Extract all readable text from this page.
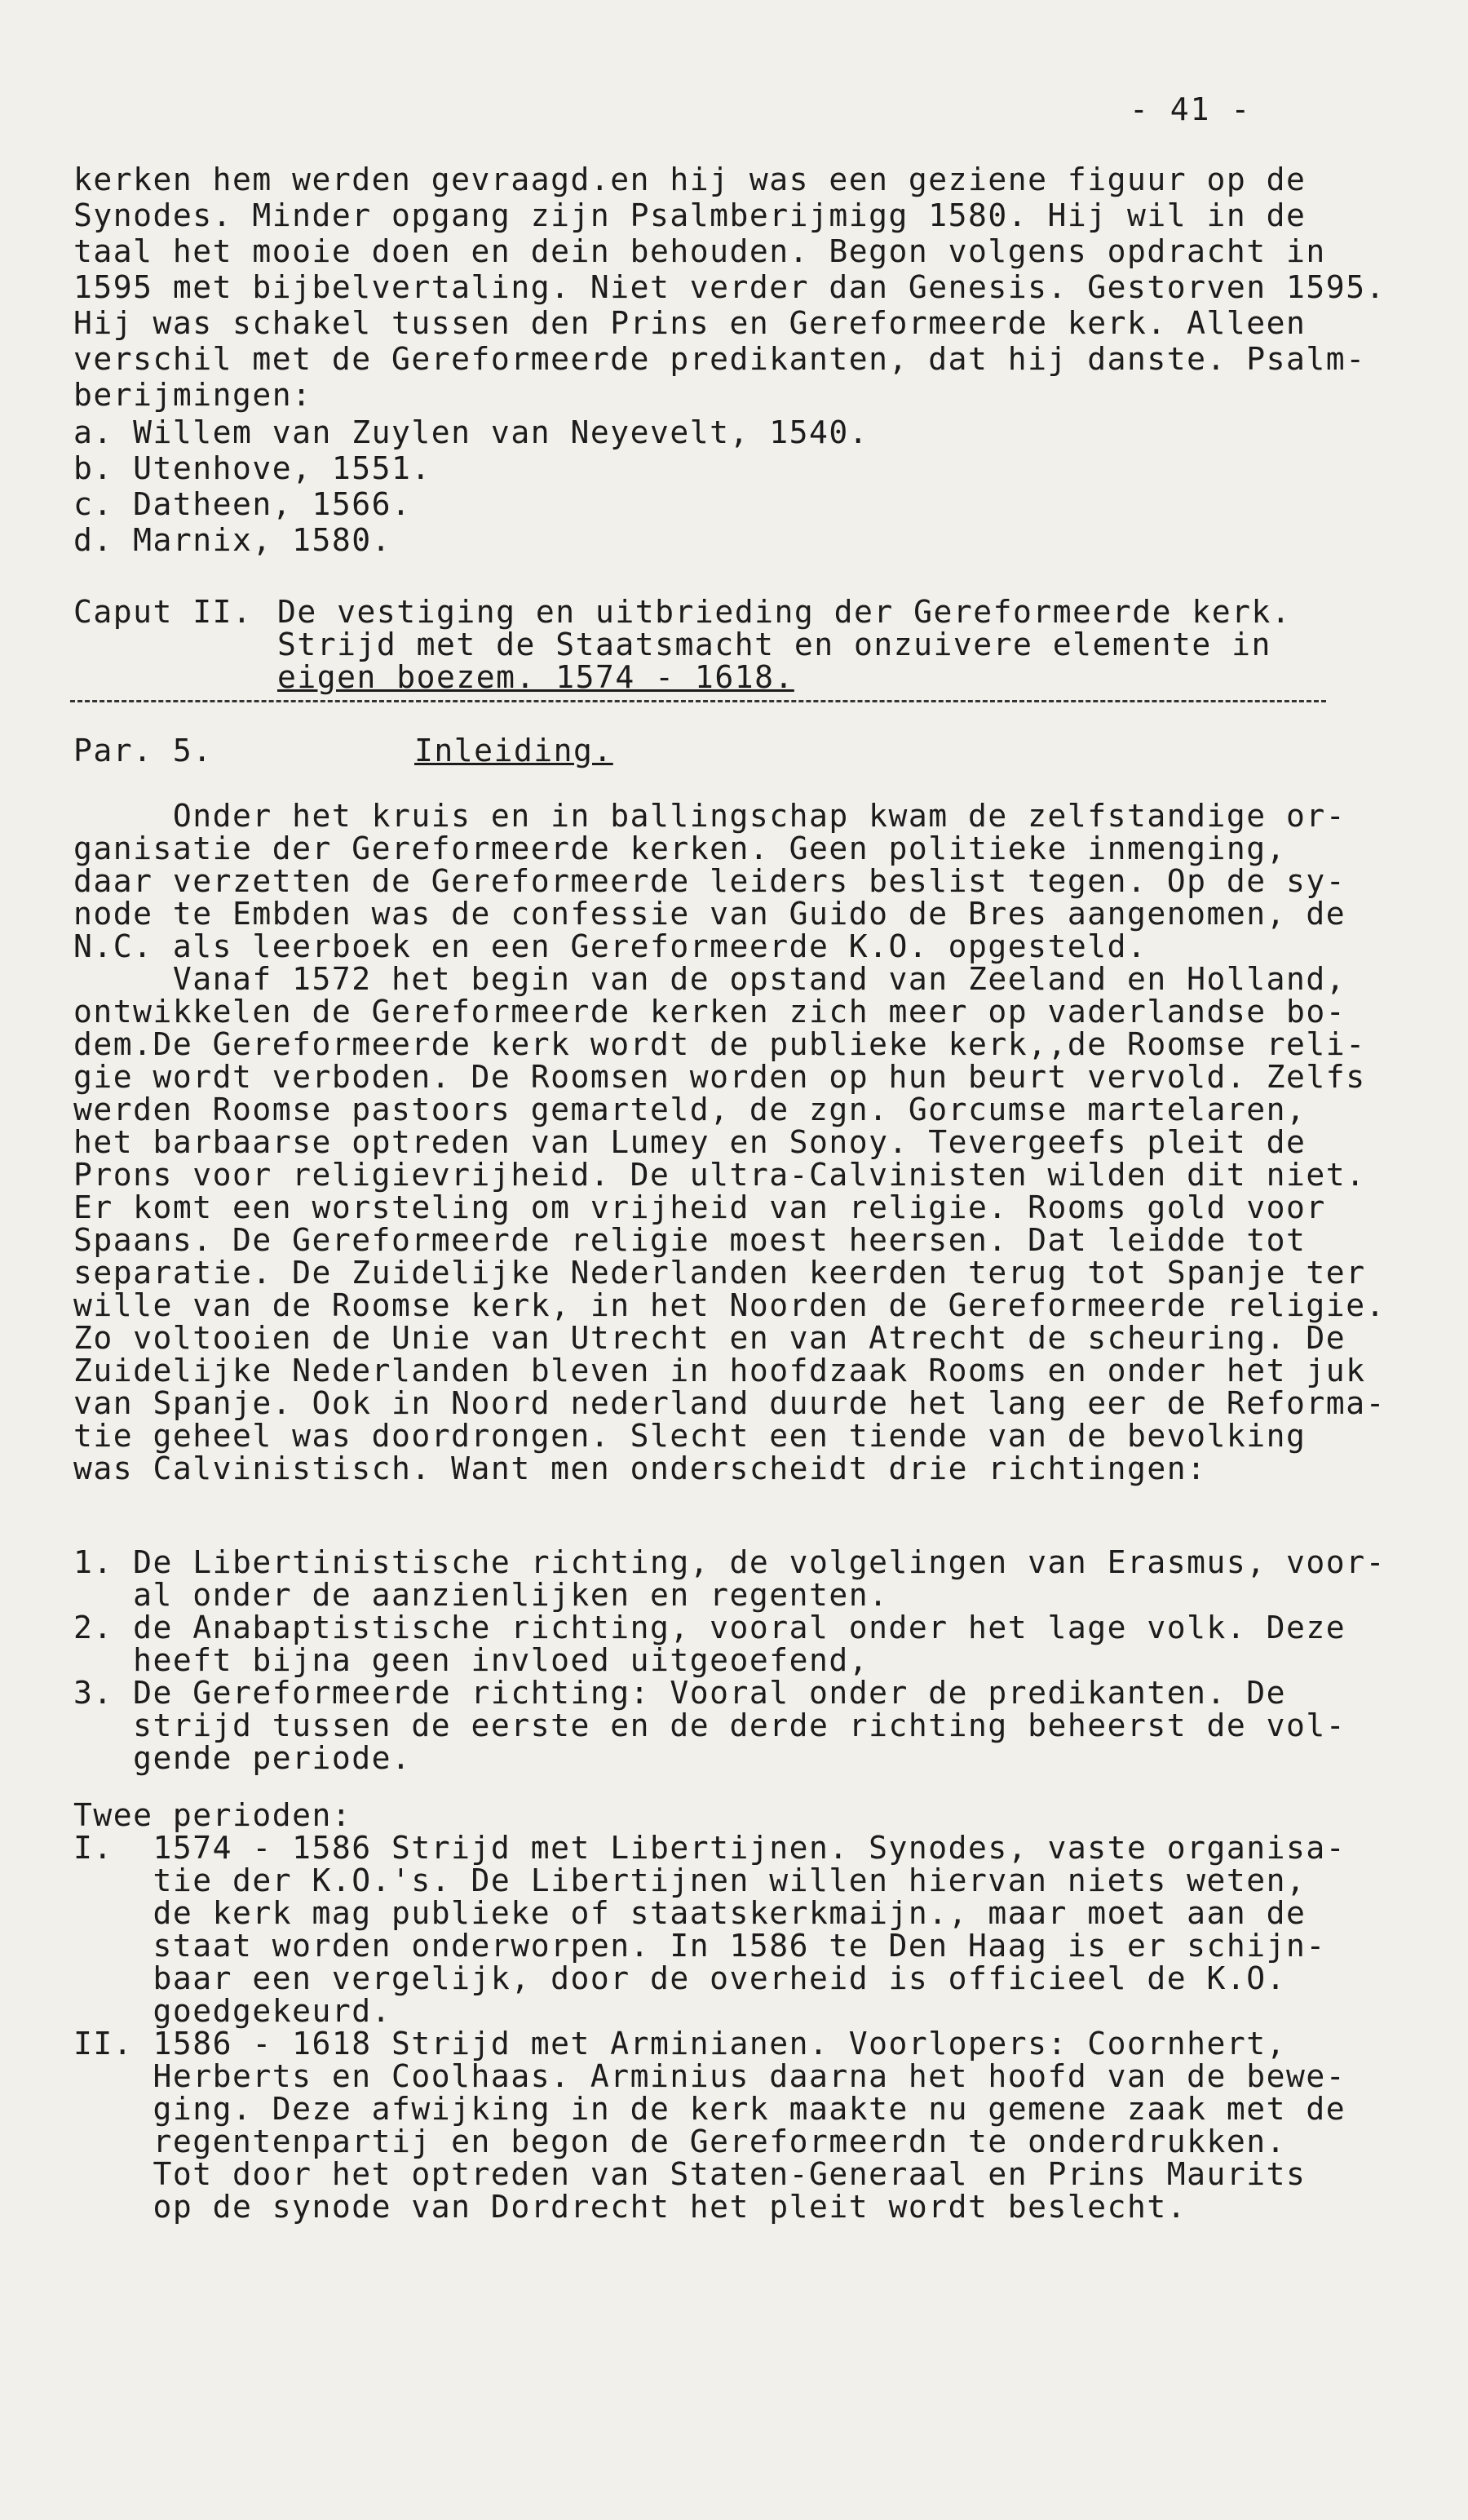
- 41 -
kerken hem werden gevraagd.en hij was een geziene figuur op de
Synodes. Minder opgang zijn Psalmberijmigg 1580. Hij wil in de
taal het mooie doen en dein behouden. Begon volgens opdracht in
1595 met bijbelvertaling. Niet verder dan Genesis. Gestorven 1595.
Hij was schakel tussen den Prins en Gereformeerde kerk. Alleen
verschil met de Gereformeerde predikanten, dat hij danste. Psalm-
berijmingen:
a. Willem van Zuylen van Neyevelt, 1540.
b. Utenhove, 1551.
c. Datheen, 1566.
d. Marnix, 1580.
Caput II. De vestiging en uitbrieding der Gereformeerde kerk.
Strijd met de Staatsmacht en onzuivere elemente in
eigen boezem. 1574 - 1618.
Par. 5.	Inleiding.
Onder het kruis en in ballingschap kwam de zelfstandige or-
ganisatie der Gereformeerde kerken. Geen politieke inmenging,
daar verzetten de Gereformeerde leiders beslist tegen. Op de sy-
node te Embden was de confessie van Guido de Bres aangenomen, de
N.C. als leerboek en een Gereformeerde K.O. opgesteld.
Vanaf 1572 het begin van de opstand van Zeeland en Holland,
ontwikkelen de Gereformeerde kerken zich meer op vaderlandse bo-
dem.De Gereformeerde kerk wordt de publieke kerk,,de Roomse reli-
gie wordt verboden. De Roomsen worden op hun beurt vervold. Zelfs
werden Roomse pastoors gemarteld, de zgn. Gorcumse martelaren,
het barbaarse optreden van Lumey en Sonoy. Tevergeefs pleit de
Prons voor religievrijheid. De ultra-Calvinisten wilden dit niet.
Er komt een worsteling om vrijheid van religie. Rooms gold voor
Spaans. De Gereformeerde religie moest heersen. Dat leidde tot
separatie. De Zuidelijke Nederlanden keerden terug tot Spanje ter
wille van de Roomse kerk, in het Noorden de Gereformeerde religie.
Zo voltooien de Unie van Utrecht en van Atrecht de scheuring. De
Zuidelijke Nederlanden bleven in hoofdzaak Rooms en onder het juk
van Spanje. Ook in Noord nederland duurde het lang eer de Reforma-
tie geheel was doordrongen. Slecht een tiende van de bevolking
was Calvinistisch. Want men onderscheidt drie richtingen:
1. De Libertinistische richting, de volgelingen van Erasmus, voor-
al onder de aanzienlijken en regenten.
2. de Anabaptistische richting, vooral onder het lage volk. Deze
heeft bijna geen invloed uitgeoefend,
3. De Gereformeerde richting: Vooral onder de predikanten. De
strijd tussen de eerste en de derde richting beheerst de vol-
gende periode.
Twee perioden:
I.  1574 - 1586 Strijd met Libertijnen. Synodes, vaste organisa-
tie der K.O.'s. De Libertijnen willen hiervan niets weten,
de kerk mag publieke of staatskerkmaijn., maar moet aan de
staat worden onderworpen. In 1586 te Den Haag is er schijn-
baar een vergelijk, door de overheid is officieel de K.O.
goedgekeurd.
II. 1586 - 1618 Strijd met Arminianen. Voorlopers: Coornhert,
Herberts en Coolhaas. Arminius daarna het hoofd van de bewe-
ging. Deze afwijking in de kerk maakte nu gemene zaak met de
regentenpartij en begon de Gereformeerdn te onderdrukken.
Tot door het optreden van Staten-Generaal en Prins Maurits
op de synode van Dordrecht het pleit wordt beslecht.
